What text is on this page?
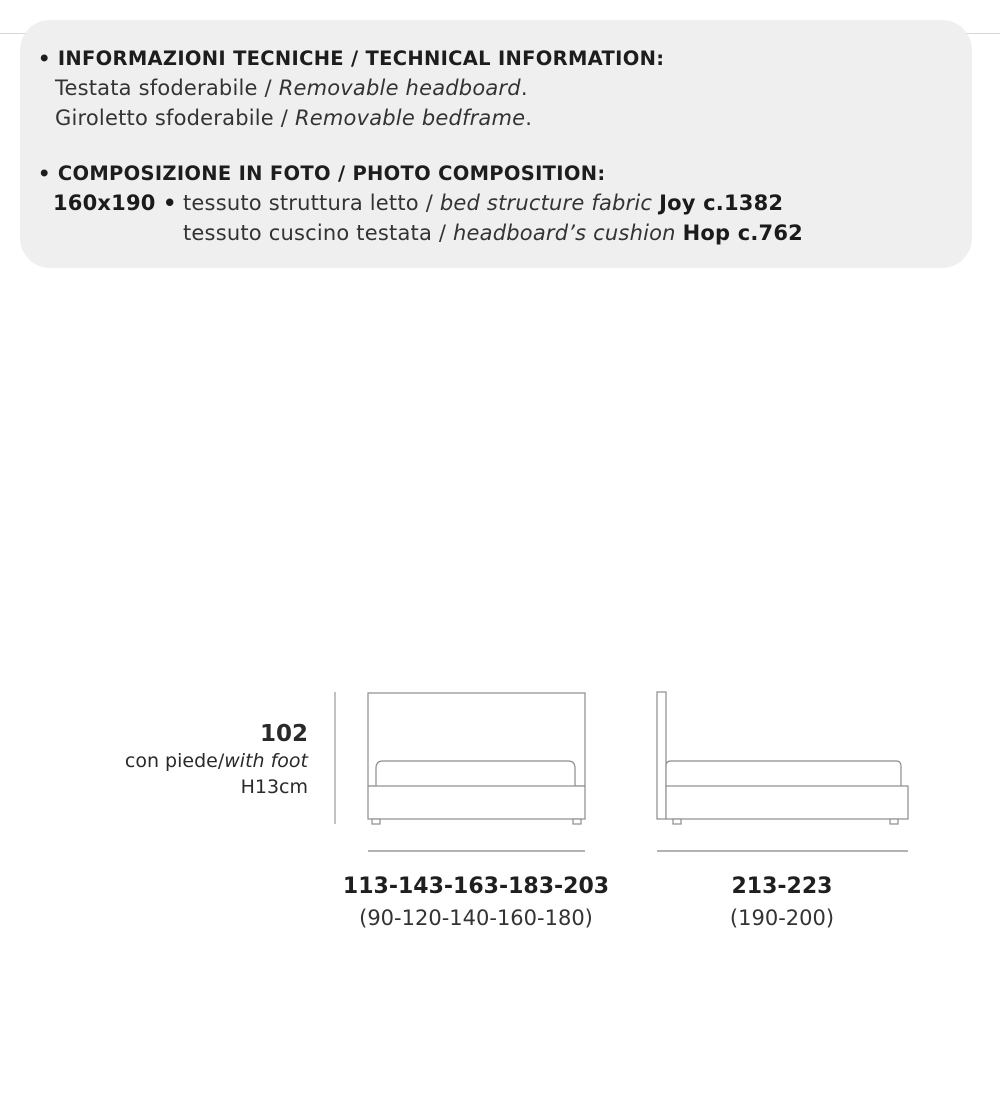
• INFORMAZIONI TECNICHE / TECHNICAL INFORMATION:
Testata sfoderabile / Removable headboard.
Giroletto sfoderabile / Removable bedframe.
• COMPOSIZIONE IN FOTO / PHOTO COMPOSITION:
160x190 • tessuto struttura letto / bed structure fabric Joy c.1382
tessuto cuscino testata / headboard’s cushion Hop c.762
102
con piede/with foot
H13cm
113-143-163-183-203
(90-120-140-160-180)
213-223
(190-200)
